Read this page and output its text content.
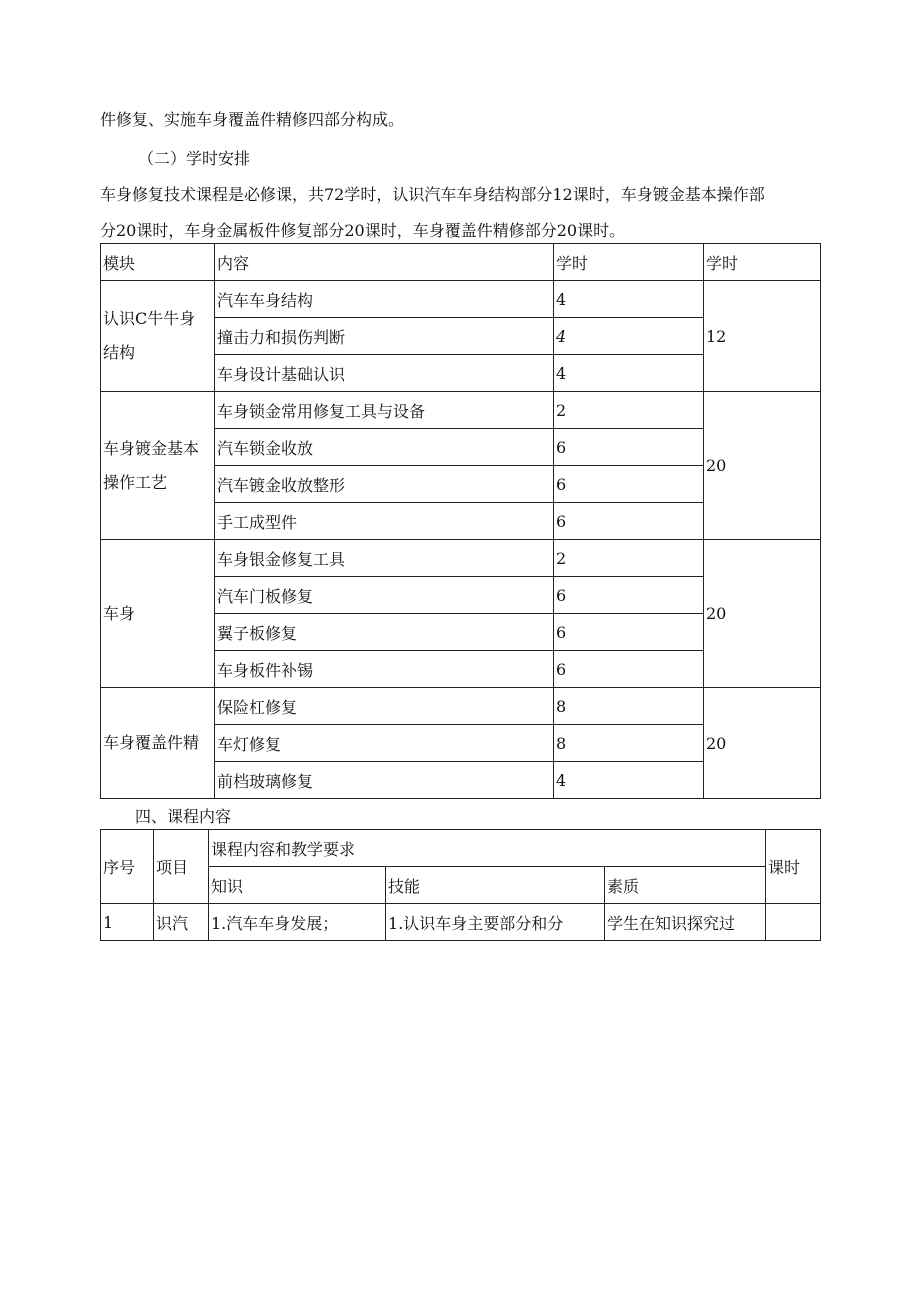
件修复、实施车身覆盖件精修四部分构成。
（二）学时安排
车身修复技术课程是必修课，共72学时，认识汽车车身结构部分12课时，车身镀金基本操作部
分20课时，车身金属板件修复部分20课时，车身覆盖件精修部分20课时。
模块	内容	学时	学时
认识C牛牛身
结构	汽车车身结构	4	12
	撞击力和损伤判断	4	
	车身设计基础认识	4	
车身镀金基本
操作工艺	车身锁金常用修复工具与设备	2	20
	汽车锁金收放	6	
	汽车镀金收放整形	6	
	手工成型件	6	
车身	车身银金修复工具	2	20
	汽车门板修复	6	
	翼子板修复	6	
	车身板件补锡	6	
车身覆盖件精	保险杠修复	8	20
	车灯修复	8	
	前档玻璃修复	4	
四、课程内容
序号	项目	课程内容和教学要求			课时
		知识	技能	素质	
1	识汽	1.汽车车身发展；	1.认识车身主要部分和分	学生在知识探究过	
